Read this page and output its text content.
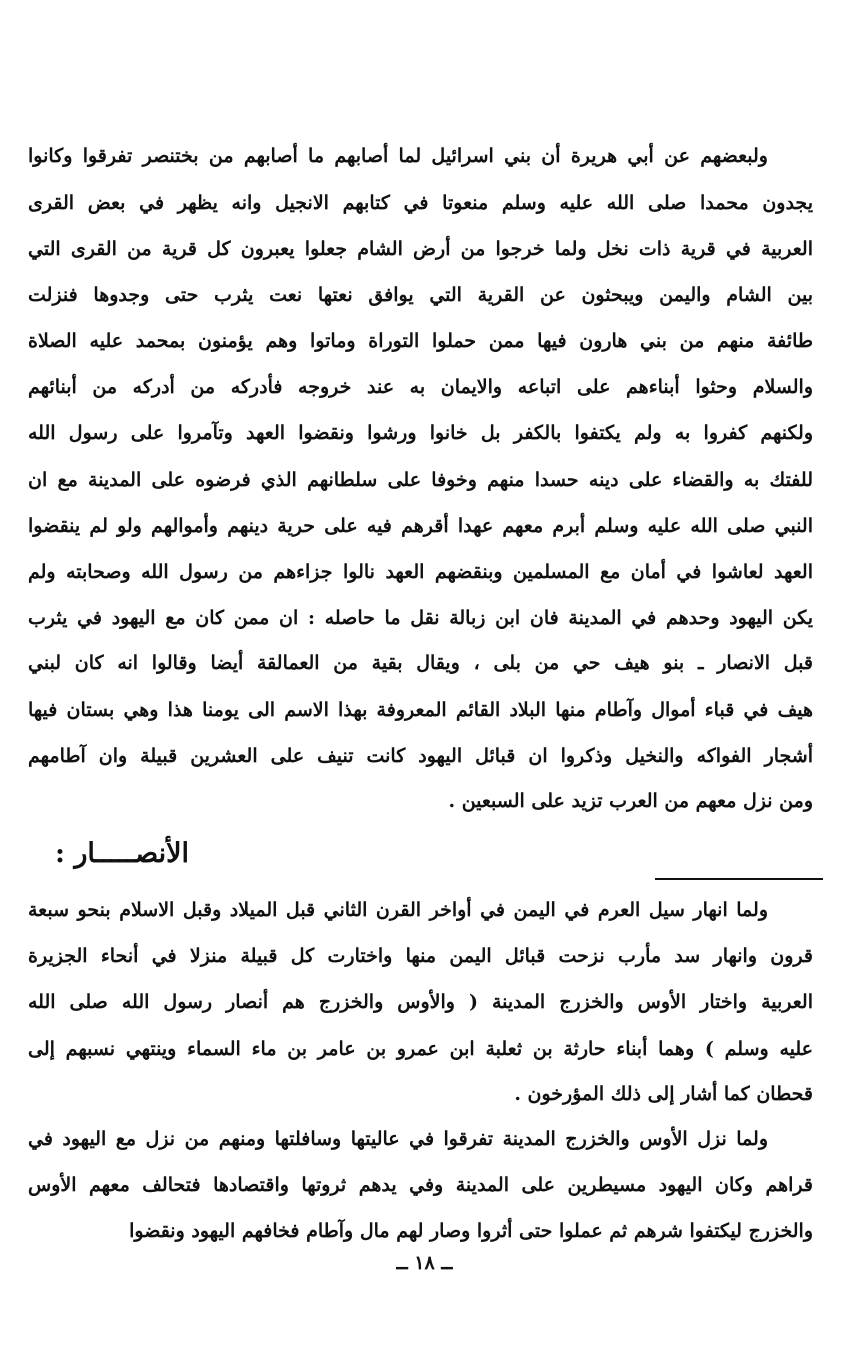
ولبعضهم عن أبي هريرة أن بني اسرائيل لما أصابهم ما أصابهم من بختنصر تفرقوا وكانوا
يجدون محمدا صلى الله عليه وسلم منعوتا في كتابهم الانجيل وانه يظهر في بعض القرى
العربية في قرية ذات نخل ولما خرجوا من أرض الشام جعلوا يعبرون كل قرية من القرى التي
بين الشام واليمن ويبحثون عن القرية التي يوافق نعتها نعت يثرب حتى وجدوها فنزلت
طائفة منهم من بني هارون فيها ممن حملوا التوراة وماتوا وهم يؤمنون بمحمد عليه الصلاة
والسلام وحثوا أبناءهم على اتباعه والايمان به عند خروجه فأدركه من أدركه من أبنائهم
ولكنهم كفروا به ولم يكتفوا بالكفر بل خانوا ورشوا ونقضوا العهد وتآمروا على رسول الله
للفتك به والقضاء على دينه حسدا منهم وخوفا على سلطانهم الذي فرضوه على المدينة مع ان
النبي صلى الله عليه وسلم أبرم معهم عهدا أقرهم فيه على حرية دينهم وأموالهم ولو لم ينقضوا
العهد لعاشوا في أمان مع المسلمين وبنقضهم العهد نالوا جزاءهم من رسول الله وصحابته ولم
يكن اليهود وحدهم في المدينة فان ابن زبالة نقل ما حاصله : ان ممن كان مع اليهود في يثرب
قبل الانصار ـ بنو هيف حي من بلى ، ويقال بقية من العمالقة أيضا وقالوا انه كان لبني
هيف في قباء أموال وآطام منها البلاد القائم المعروفة بهذا الاسم الى يومنا هذا وهي بستان فيها
أشجار الفواكه والنخيل وذكروا ان قبائل اليهود كانت تنيف على العشرين قبيلة وان آطامهم
ومن نزل معهم من العرب تزيد على السبعين .
الأنصـــــار :
ولما انهار سيل العرم في اليمن في أواخر القرن الثاني قبل الميلاد وقبل الاسلام بنحو سبعة
قرون وانهار سد مأرب نزحت قبائل اليمن منها واختارت كل قبيلة منزلا في أنحاء الجزيرة
العربية واختار الأوس والخزرج المدينة ( والأوس والخزرج هم أنصار رسول الله صلى الله
عليه وسلم ) وهما أبناء حارثة بن ثعلبة ابن عمرو بن عامر بن ماء السماء وينتهي نسبهم إلى
قحطان كما أشار إلى ذلك المؤرخون .
ولما نزل الأوس والخزرج المدينة تفرقوا في عاليتها وسافلتها ومنهم من نزل مع اليهود في
قراهم وكان اليهود مسيطرين على المدينة وفي يدهم ثروتها واقتصادها فتحالف معهم الأوس
والخزرج ليكتفوا شرهم ثم عملوا حتى أثروا وصار لهم مال وآطام فخافهم اليهود ونقضوا
ــ ١٨ ــ
